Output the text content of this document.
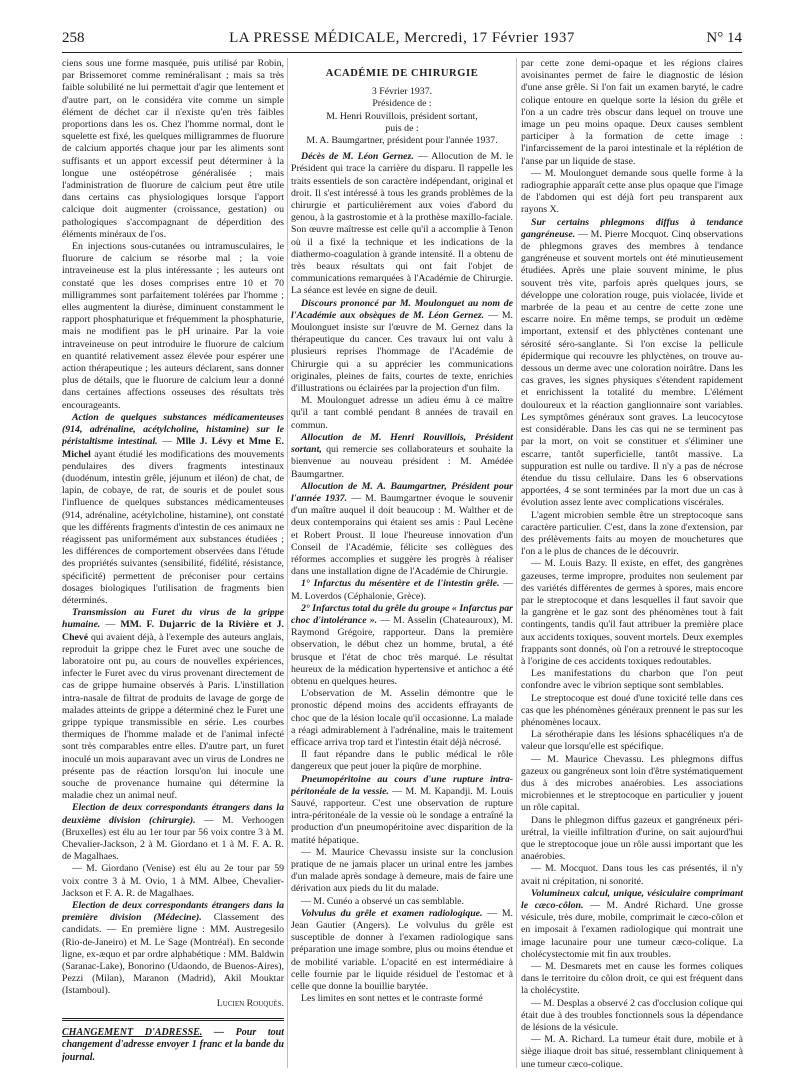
258	LA PRESSE MÉDICALE, Mercredi, 17 Février 1937	N° 14

ciens sous une forme masquée, puis utilisé par Robin, par Brissemoret comme reminéralisant ; mais sa très faible solubilité ne lui permettait d'agir que lentement et d'autre part, on le considéra vite comme un simple élément de déchet car il n'existe qu'en très faibles proportions dans les os. Chez l'homme normal, dont le squelette est fixé, les quelques milligrammes de fluorure de calcium apportés chaque jour par les aliments sont suffisants et un apport excessif peut déterminer à la longue une ostéopétrose généralisée ; mais l'administration de fluorure de calcium peut être utile dans certains cas physiologiques lorsque l'apport calcique doit augmenter (croissance, gestation) ou pathologiques s'accompagnant de déperdition des éléments minéraux de l'os.

En injections sous-cutanées ou intramusculaires, le fluorure de calcium se résorbe mal ; la voie intraveineuse est la plus intéressante ; les auteurs ont constaté que les doses comprises entre 10 et 70 milligrammes sont parfaitement tolérées par l'homme ; elles augmentent la diurèse, diminuent constamment le rapport phosphaturique et fréquemment la phosphaturie, mais ne modifient pas le pH urinaire. Par la voie intraveineuse on peut introduire le fluorure de calcium en quantité relativement assez élevée pour espérer une action thérapeutique ; les auteurs déclarent, sans donner plus de détails, que le fluorure de calcium leur a donné dans certaines affections osseuses des résultats très encourageants.

Action de quelques substances médicamenteuses (914, adrénaline, acétylcholine, histamine) sur le péristaltisme intestinal. — Mlle J. Lévy et Mme E. Michel ayant étudié les modifications des mouvements pendulaires des divers fragments intestinaux (duodénum, intestin grêle, jéjunum et iléon) de chat, de lapin, de cobaye, de rat, de souris et de poulet sous l'influence de quelques substances médicamenteuses (914, adrénaline, acétylcholine, histamine), ont constaté que les différents fragments d'intestin de ces animaux ne réagissent pas uniformément aux substances étudiées ; les différences de comportement observées dans l'étude des propriétés suivantes (sensibilité, fidélité, résistance, spécificité) permettent de préconiser pour certains dosages biologiques l'utilisation de fragments bien déterminés.

Transmission au Furet du virus de la grippe humaine. — MM. F. Dujarric de la Rivière et J. Chevé qui avaient déjà, à l'exemple des auteurs anglais, reproduit la grippe chez le Furet avec une souche de laboratoire ont pu, au cours de nouvelles expériences, infecter le Furet avec du virus provenant directement de cas de grippe humaine observés à Paris. L'instillation intra-nasale de filtrat de produits de lavage de gorge de malades atteints de grippe a déterminé chez le Furet une grippe typique transmissible en série. Les courbes thermiques de l'homme malade et de l'animal infecté sont très comparables entre elles. D'autre part, un furet inoculé un mois auparavant avec un virus de Londres ne présente pas de réaction lorsqu'on lui inocule une souche de provenance humaine qui détermine la maladie chez un animal neuf.

Election de deux correspondants étrangers dans la deuxième division (chirurgie). — M. Verhoogen (Bruxelles) est élu au 1er tour par 56 voix contre 3 à M. Chevalier-Jackson, 2 à M. Giordano et 1 à M. F. A. R. de Magalhaes.

— M. Giordano (Venise) est élu au 2e tour par 59 voix contre 3 à M. Ovio, 1 à MM. Albee, Chevalier-Jackson et F. A. R. de Magalhaes.

Election de deux correspondants étrangers dans la première division (Médecine). Classement des candidats. — En première ligne : MM. Austregesilo (Rio-de-Janeiro) et M. Le Sage (Montréal). En seconde ligne, ex-æquo et par ordre alphabétique : MM. Baldwin (Saranac-Lake), Bonorino (Udaondo, de Buenos-Aires), Pezzi (Milan), Maranon (Madrid), Akil Mouktar (Istamboul).

Lucien Rouquès.

CHANGEMENT D'ADRESSE. — Pour tout changement d'adresse envoyer 1 franc et la bande du journal.

ACADÉMIE DE CHIRURGIE

3 Février 1937.

Présidence de :

M. Henri Rouvillois, président sortant,

puis de :

M. A. Baumgartner, président pour l'année 1937.

Décès de M. Léon Gernez. — Allocution de M. le Président qui trace la carrière du disparu. Il rappelle les traits essentiels de son caractère indépendant, original et droit. Il s'est intéressé à tous les grands problèmes de la chirurgie et particulièrement aux voies d'abord du genou, à la gastrostomie et à la prothèse maxillo-faciale. Son œuvre maîtresse est celle qu'il a accomplie à Tenon où il a fixé la technique et les indications de la diathermo-coagulation à grande intensité. Il a obtenu de très beaux résultats qui ont fait l'objet de communications remarquées à l'Académie de Chirurgie. La séance est levée en signe de deuil.

Discours prononcé par M. Moulonguet au nom de l'Académie aux obsèques de M. Léon Gernez. — M. Moulonguet insiste sur l'œuvre de M. Gernez dans la thérapeutique du cancer. Ces travaux lui ont valu à plusieurs reprises l'hommage de l'Académie de Chirurgie qui a su apprécier les communications originales, pleines de faits, courtes de texte, enrichies d'illustrations ou éclairées par la projection d'un film.

M. Moulonguet adresse un adieu ému à ce maître qu'il a tant comblé pendant 8 années de travail en commun.

Allocution de M. Henri Rouvillois, Président sortant, qui remercie ses collaborateurs et souhaite la bienvenue au nouveau président : M. Amédée Baumgartner.

Allocution de M. A. Baumgartner, Président pour l'année 1937. — M. Baumgartner évoque le souvenir d'un maître auquel il doit beaucoup : M. Walther et de deux contemporains qui étaient ses amis : Paul Lecène et Robert Proust. Il loue l'heureuse innovation d'un Conseil de l'Académie, félicite ses collègues des réformes accomplies et suggère les progrès à réaliser dans une installation digne de l'Académie de Chirurgie.

1° Infarctus du mésentère et de l'intestin grêle. — M. Loverdos (Céphalonie, Grèce).

2° Infarctus total du grêle du groupe « Infarctus par choc d'intolérance ». — M. Asselin (Chateauroux), M. Raymond Grégoire, rapporteur. Dans la première observation, le début chez un homme, brutal, a été brusque et l'état de choc très marqué. Le résultat heureux de la médication hypertensive et antichoc a été obtenu en quelques heures.

L'observation de M. Asselin démontre que le pronostic dépend moins des accidents effrayants de choc que de la lésion locale qu'il occasionne. La malade a réagi admirablement à l'adrénaline, mais le traitement efficace arriva trop tard et l'intestin était déjà nécrosé.

Il faut répandre dans le public médical le rôle dangereux que peut jouer la piqûre de morphine.

Pneumopéritoine au cours d'une rupture intra-péritonéale de la vessie. — M. M. Kapandji. M. Louis Sauvé, rapporteur. C'est une observation de rupture intra-péritonéale de la vessie où le sondage a entraîné la production d'un pneumopéritoine avec disparition de la matité hépatique.

— M. Maurice Chevassu insiste sur la conclusion pratique de ne jamais placer un urinal entre les jambes d'un malade après sondage à demeure, mais de faire une dérivation aux pieds du lit du malade.

— M. Cunéo a observé un cas semblable.

Volvulus du grêle et examen radiologique. — M. Jean Gautier (Angers). Le volvulus du grêle est susceptible de donner à l'examen radiologique sans préparation une image sombre, plus ou moins étendue et de mobilité variable. L'opacité en est intermédiaire à celle fournie par le liquide résiduel de l'estomac et à celle que donne la bouillie barytée.

Les limites en sont nettes et le contraste formé

par cette zone demi-opaque et les régions claires avoisinantes permet de faire le diagnostic de lésion d'une anse grêle. Si l'on fait un examen baryté, le cadre colique entoure en quelque sorte la lésion du grêle et l'on a un cadre très obscur dans lequel on trouve une image un peu moins opaque. Deux causes semblent participer à la formation de cette image : l'infarcissement de la paroi intestinale et la réplétion de l'anse par un liquide de stase.

— M. Moulonguet demande sous quelle forme à la radiographie apparaît cette anse plus opaque que l'image de l'abdomen qui est déjà fort peu transparent aux rayons X.

Sur certains phlegmons diffus à tendance gangréneuse. — M. Pierre Mocquot. Cinq observations de phlegmons graves des membres à tendance gangréneuse et souvent mortels ont été minutieusement étudiées. Après une plaie souvent minime, le plus souvent très vite, parfois après quelques jours, se développe une coloration rouge, puis violacée, livide et marbrée de la peau et au centre de cette zone une escarre noire. En même temps, se produit un œdème important, extensif et des phlyctènes contenant une sérosité séro-sanglante. Si l'on excise la pellicule épidermique qui recouvre les phlyctènes, on trouve au-dessous un derme avec une coloration noirâtre. Dans les cas graves, les signes physiques s'étendent rapidement et enrichissent la totalité du membre. L'élément douloureux et la réaction ganglionnaire sont variables. Les symptômes généraux sont graves. La leucocytose est considérable. Dans les cas qui ne se terminent pas par la mort, on voit se constituer et s'éliminer une escarre, tantôt superficielle, tantôt massive. La suppuration est nulle ou tardive. Il n'y a pas de nécrose étendue du tissu cellulaire. Dans les 6 observations apportées, 4 se sont terminées par la mort due un cas à évolution assez lente avec complications viscérales.

L'agent microbien semble être un streptocoque sans caractère particulier. C'est, dans la zone d'extension, par des prélèvements faits au moyen de mouchetures que l'on a le plus de chances de le découvrir.

— M. Louis Bazy. Il existe, en effet, des gangrènes gazeuses, terme impropre, produites non seulement par des variétés différentes de germes à spores, mais encore par le streptocoque et dans lesquelles il faut savoir que la gangrène et le gaz sont des phénomènes tout à fait contingents, tandis qu'il faut attribuer la première place aux accidents toxiques, souvent mortels. Deux exemples frappants sont donnés, où l'on a retrouvé le streptocoque à l'origine de ces accidents toxiques redoutables.

Les manifestations du charbon que l'on peut confondre avec le vibrion septique sont semblables.

Le streptocoque est doué d'une toxicité telle dans ces cas que les phénomènes généraux prennent le pas sur les phénomènes locaux.

La sérothérapie dans les lésions sphacéliques n'a de valeur que lorsqu'elle est spécifique.

— M. Maurice Chevassu. Les phlegmons diffus gazeux ou gangréneux sont loin d'être systématiquement dus à des microbes anaérobies. Les associations microbiennes et le streptocoque en particulier y jouent un rôle capital.

Dans le phlegmon diffus gazeux et gangréneux péri-urétral, la vieille infiltration d'urine, on sait aujourd'hui que le streptocoque joue un rôle aussi important que les anaérobies.

— M. Mocquot. Dans tous les cas présentés, il n'y avait ni crépitation, ni sonorité.

Volumineux calcul, unique, vésiculaire comprimant le cæco-côlon. — M. André Richard. Une grosse vésicule, très dure, mobile, comprimait le cæco-côlon et en imposait à l'examen radiologique qui montrait une image lacunaire pour une tumeur cæco-colique. La cholécystectomie mit fin aux troubles.

— M. Desmarets met en cause les formes coliques dans le territoire du côlon droit, ce qui est fréquent dans la cholécystite.

— M. Desplas a observé 2 cas d'occlusion colique qui était due à des troubles fonctionnels sous la dépendance de lésions de la vésicule.

— M. A. Richard. La tumeur était dure, mobile et à siège iliaque droit bas situé, ressemblant cliniquement à une tumeur cæco-colique.
